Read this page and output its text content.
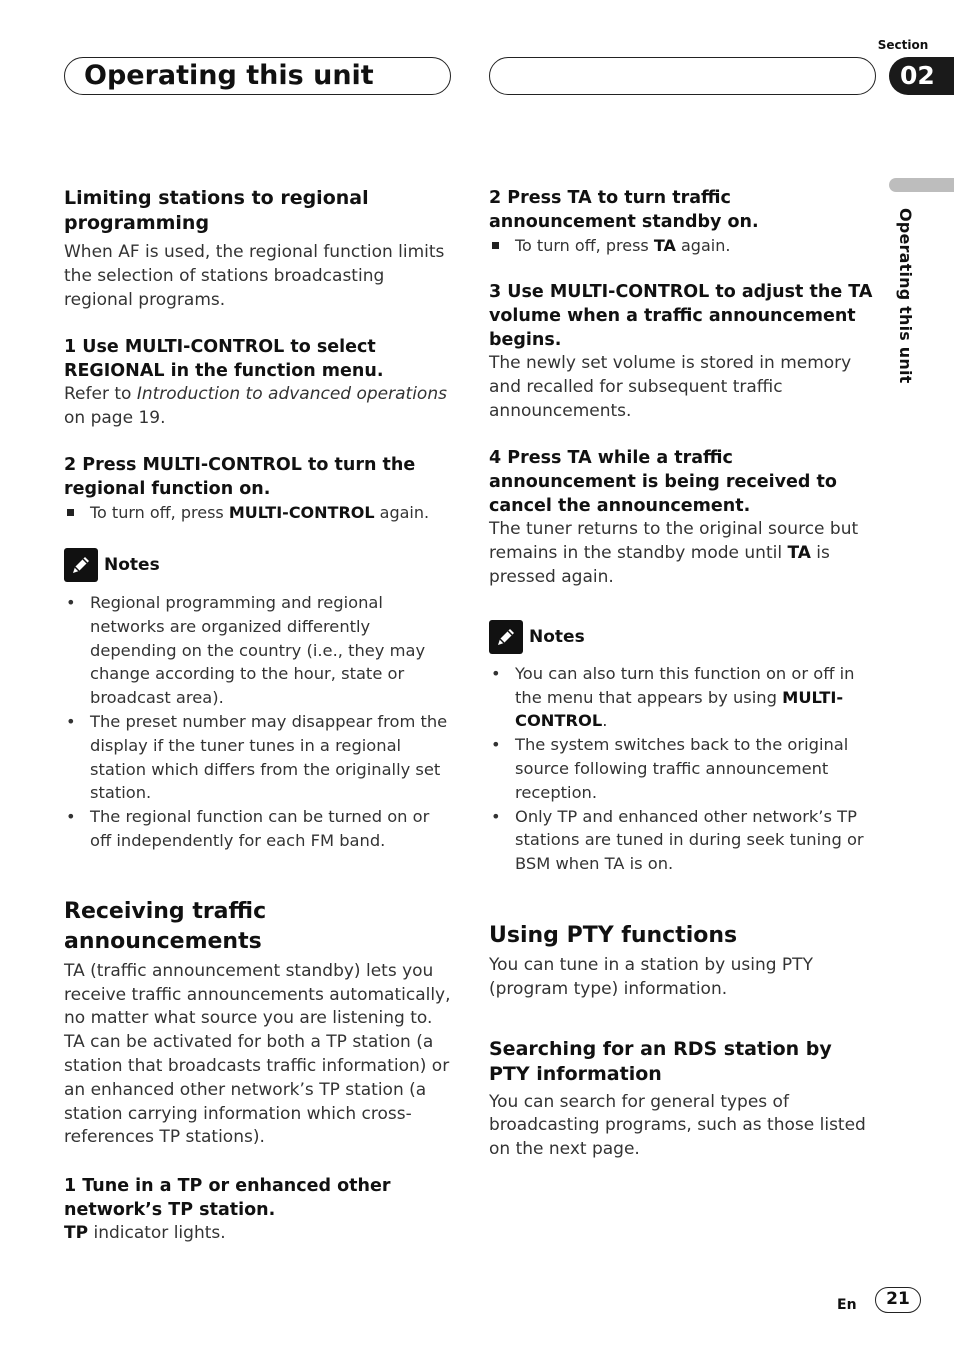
Operating this unit
Section
02
Operating this unit

Limiting stations to regional programming

When AF is used, the regional function limits the selection of stations broadcasting regional programs.

1 Use MULTI-CONTROL to select REGIONAL in the function menu.

Refer to Introduction to advanced operations on page 19.

2 Press MULTI-CONTROL to turn the regional function on.

To turn off, press MULTI-CONTROL again.

Notes
• Regional programming and regional networks are organized differently depending on the country (i.e., they may change according to the hour, state or broadcast area).
• The preset number may disappear from the display if the tuner tunes in a regional station which differs from the originally set station.
• The regional function can be turned on or off independently for each FM band.

Receiving traffic announcements

TA (traffic announcement standby) lets you receive traffic announcements automatically, no matter what source you are listening to. TA can be activated for both a TP station (a station that broadcasts traffic information) or an enhanced other network’s TP station (a station carrying information which cross-references TP stations).

1 Tune in a TP or enhanced other network’s TP station.

TP indicator lights.

2 Press TA to turn traffic announcement standby on.

To turn off, press TA again.

3 Use MULTI-CONTROL to adjust the TA volume when a traffic announcement begins.

The newly set volume is stored in memory and recalled for subsequent traffic announcements.

4 Press TA while a traffic announcement is being received to cancel the announcement.

The tuner returns to the original source but remains in the standby mode until TA is pressed again.

Notes
• You can also turn this function on or off in the menu that appears by using MULTI-CONTROL.
• The system switches back to the original source following traffic announcement reception.
• Only TP and enhanced other network’s TP stations are tuned in during seek tuning or BSM when TA is on.

Using PTY functions

You can tune in a station by using PTY (program type) information.

Searching for an RDS station by PTY information

You can search for general types of broadcasting programs, such as those listed on the next page.

En	21
